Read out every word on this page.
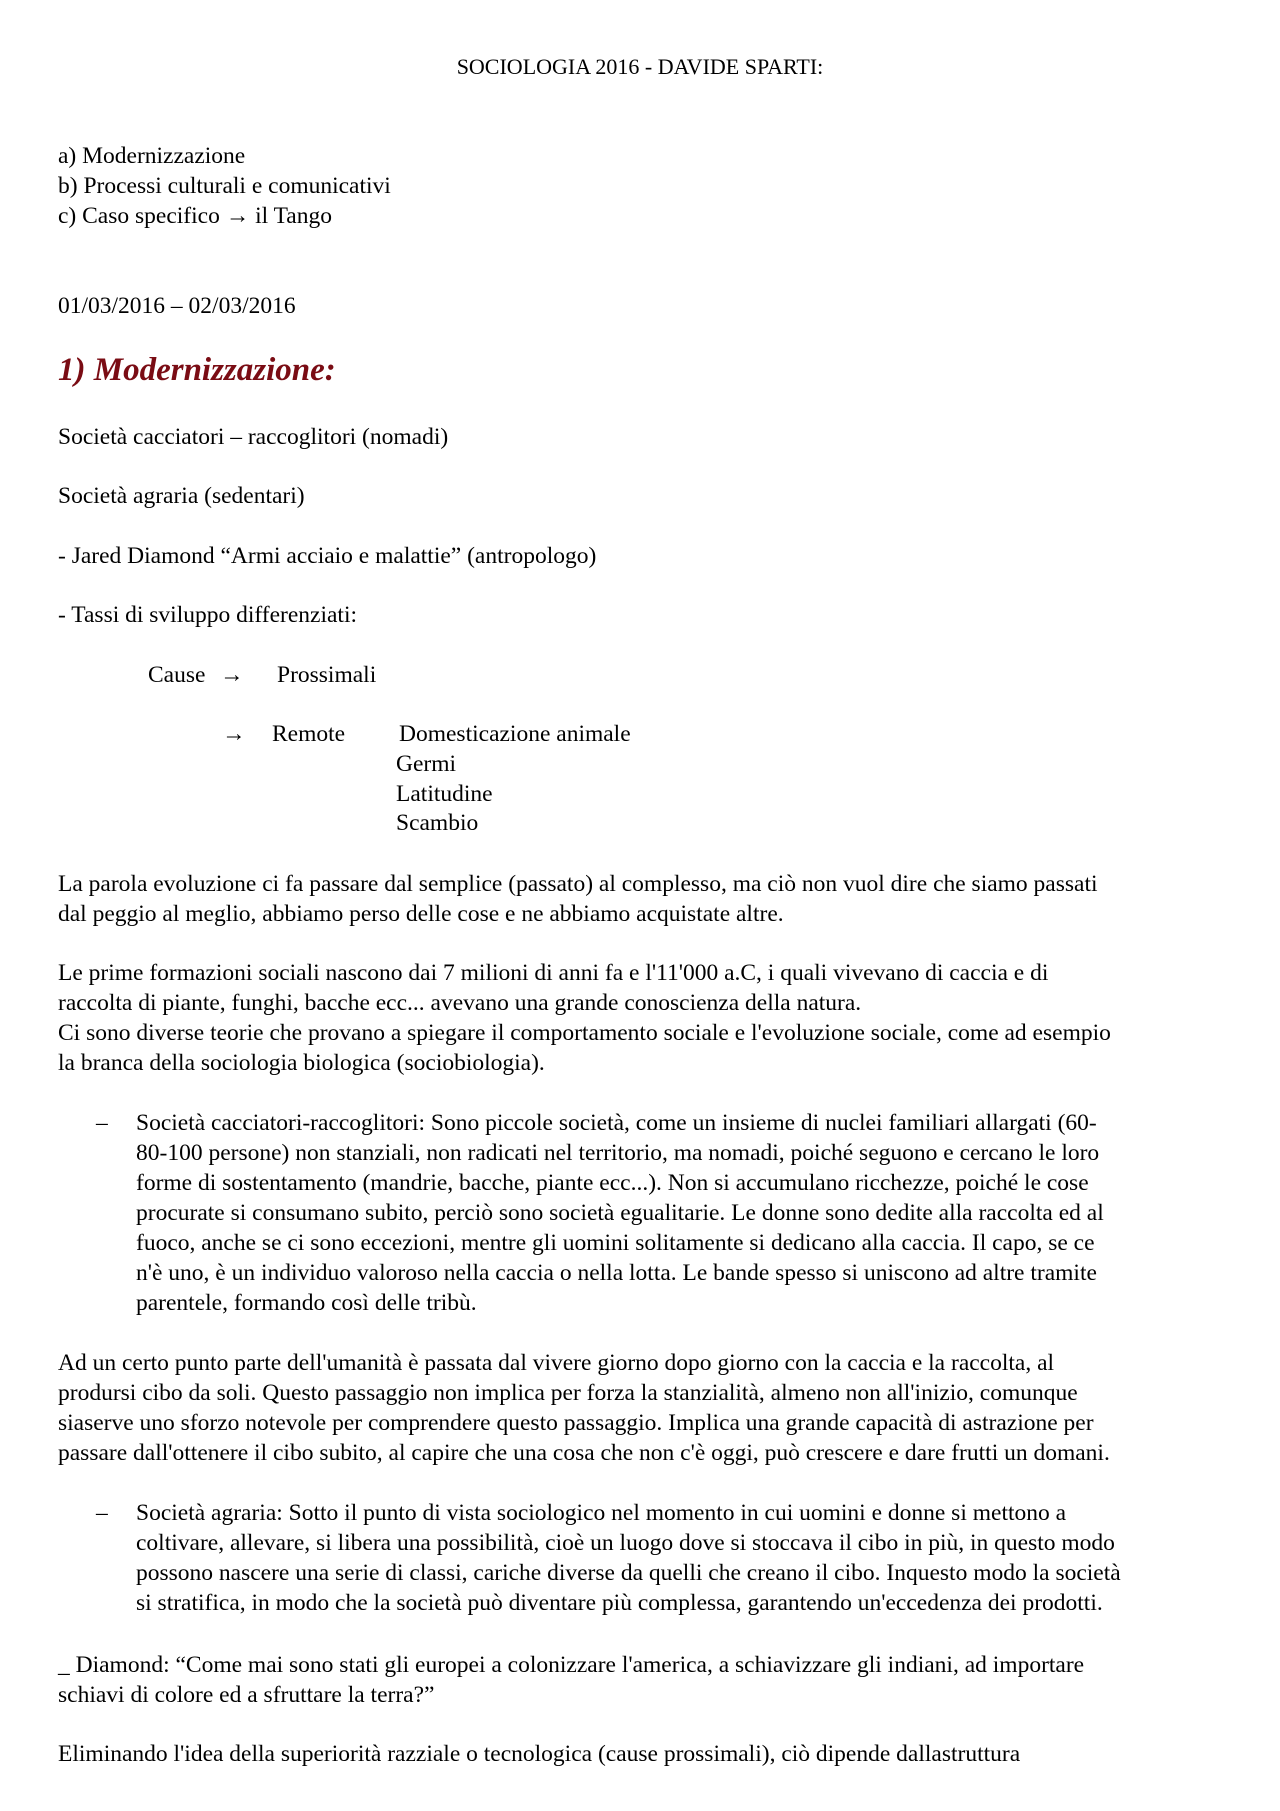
SOCIOLOGIA 2016 - DAVIDE SPARTI:

a) Modernizzazione

b) Processi culturali e comunicativi

c) Caso specifico → il Tango

01/03/2016 – 02/03/2016
1) Modernizzazione:
Società cacciatori – raccoglitori (nomadi)
Società agraria (sedentari)
- Jared Diamond “Armi acciaio e malattie” (antropologo)
- Tassi di sviluppo differenziati:
Cause → Prossimali
→ Remote Domesticazione animale
Germi
Latitudine
Scambio

La parola evoluzione ci fa passare dal semplice (passato) al complesso, ma ciò non vuol dire che siamo passati

dal peggio al meglio, abbiamo perso delle cose e ne abbiamo acquistate altre.

Le prime formazioni sociali nascono dai 7 milioni di anni fa e l'11'000 a.C, i quali vivevano di caccia e di

raccolta di piante, funghi, bacche ecc... avevano una grande conoscienza della natura.

Ci sono diverse teorie che provano a spiegare il comportamento sociale e l'evoluzione sociale, come ad esempio

la branca della sociologia biologica (sociobiologia).

– Società cacciatori-raccoglitori: Sono piccole società, come un insieme di nuclei familiari allargati (60-

80-100 persone) non stanziali, non radicati nel territorio, ma nomadi, poiché seguono e cercano le loro

forme di sostentamento (mandrie, bacche, piante ecc...). Non si accumulano ricchezze, poiché le cose

procurate si consumano subito, perciò sono società egualitarie. Le donne sono dedite alla raccolta ed al

fuoco, anche se ci sono eccezioni, mentre gli uomini solitamente si dedicano alla caccia. Il capo, se ce

n'è uno, è un individuo valoroso nella caccia o nella lotta. Le bande spesso si uniscono ad altre tramite

parentele, formando così delle tribù.

Ad un certo punto parte dell'umanità è passata dal vivere giorno dopo giorno con la caccia e la raccolta, al

prodursi cibo da soli. Questo passaggio non implica per forza la stanzialità, almeno non all'inizio, comunque

siaserve uno sforzo notevole per comprendere questo passaggio. Implica una grande capacità di astrazione per

passare dall'ottenere il cibo subito, al capire che una cosa che non c'è oggi, può crescere e dare frutti un domani.

– Società agraria: Sotto il punto di vista sociologico nel momento in cui uomini e donne si mettono a

coltivare, allevare, si libera una possibilità, cioè un luogo dove si stoccava il cibo in più, in questo modo

possono nascere una serie di classi, cariche diverse da quelli che creano il cibo. Inquesto modo la società

si stratifica, in modo che la società può diventare più complessa, garantendo un'eccedenza dei prodotti.

_ Diamond: “Come mai sono stati gli europei a colonizzare l'america, a schiavizzare gli indiani, ad importare

schiavi di colore ed a sfruttare la terra?”

Eliminando l'idea della superiorità razziale o tecnologica (cause prossimali), ciò dipende dallastruttura
